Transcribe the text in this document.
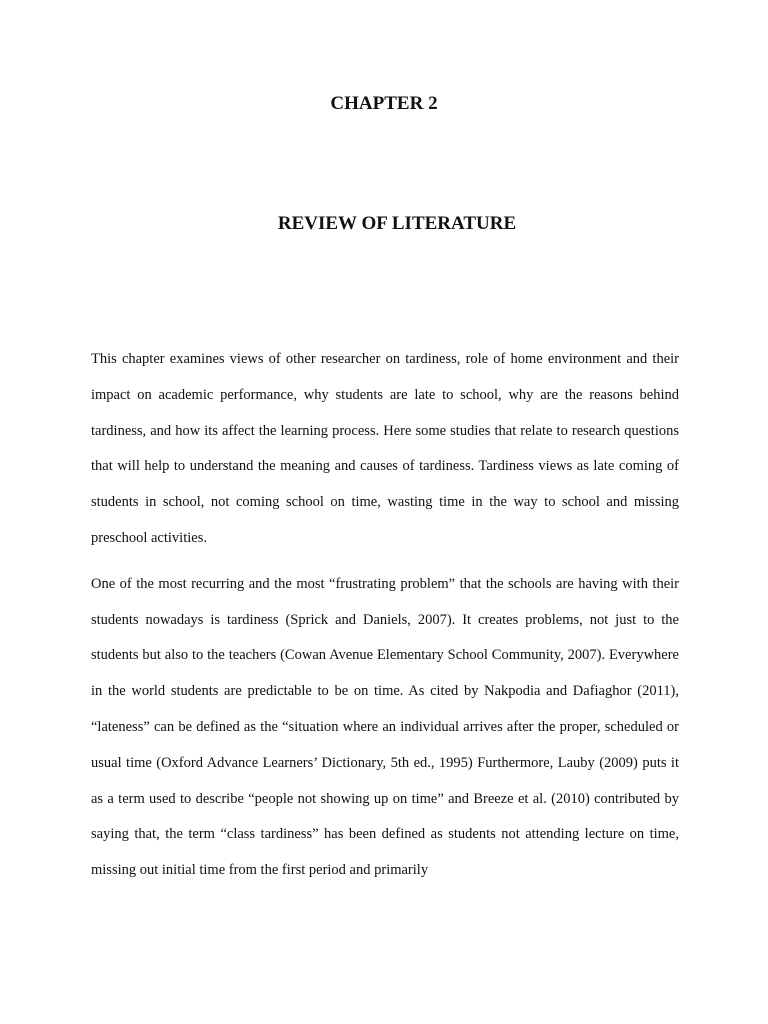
CHAPTER 2
REVIEW OF LITERATURE

This chapter examines views of other researcher on tardiness, role of home environment and their impact on academic performance, why students are late to school, why are the reasons behind tardiness, and how its affect the learning process. Here some studies that relate to research questions that will help to understand the meaning and causes of tardiness. Tardiness views as late coming of students in school, not coming school on time, wasting time in the way to school and missing preschool activities.

One of the most recurring and the most “frustrating problem” that the schools are having with their students nowadays is tardiness (Sprick and Daniels, 2007). It creates problems, not just to the students but also to the teachers (Cowan Avenue Elementary School Community, 2007). Everywhere in the world students are predictable to be on time. As cited by Nakpodia and Dafiaghor (2011), “lateness” can be defined as the “situation where an individual arrives after the proper, scheduled or usual time (Oxford Advance Learners’ Dictionary, 5th ed., 1995) Furthermore, Lauby (2009) puts it as a term used to describe “people not showing up on time” and Breeze et al. (2010) contributed by saying that, the term “class tardiness” has been defined as students not attending lecture on time, missing out initial time from the first period and primarily
